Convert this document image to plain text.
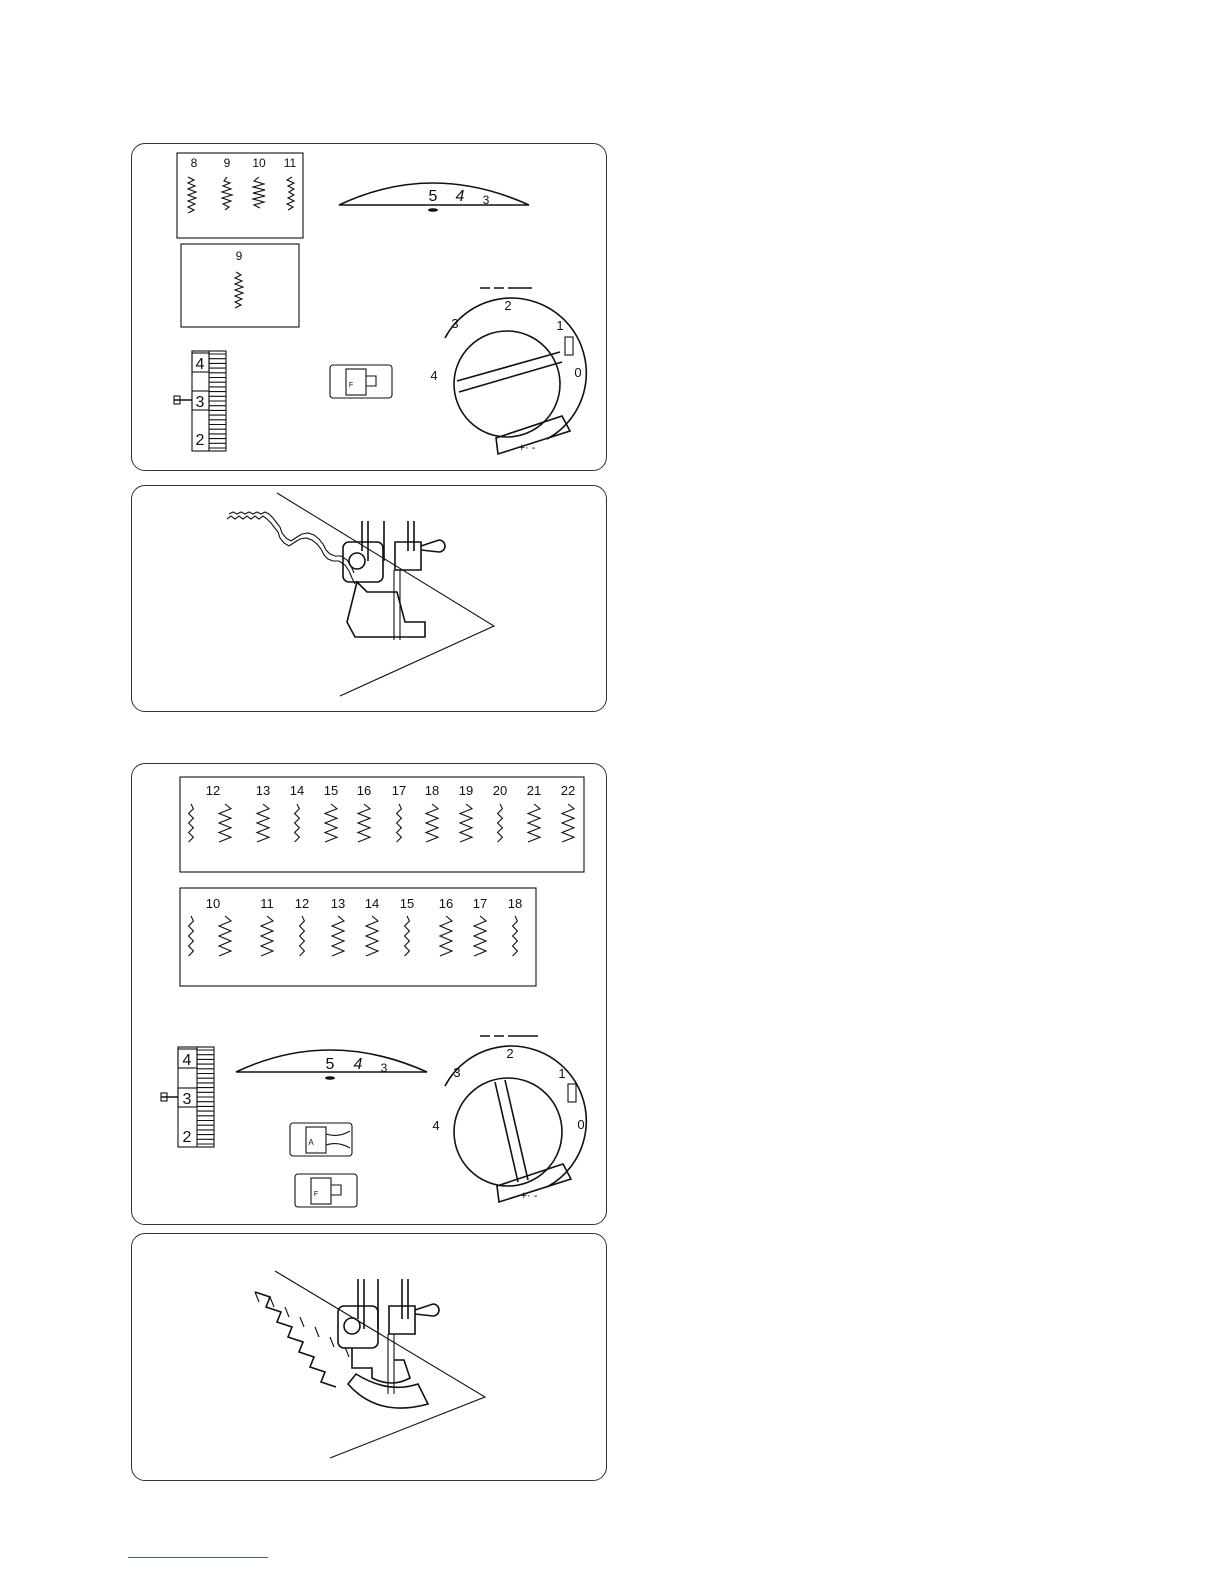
8 9 10 11
9
5 4 3
4
3
2
F
2
3	1
4	0
+· -
12	13 14 15 16 17 18 19 20 21 22
10	11 12 13 14 15 16 17 18
4
3
2
5 4 3
A
F
2
3	1
4	0
+· -
